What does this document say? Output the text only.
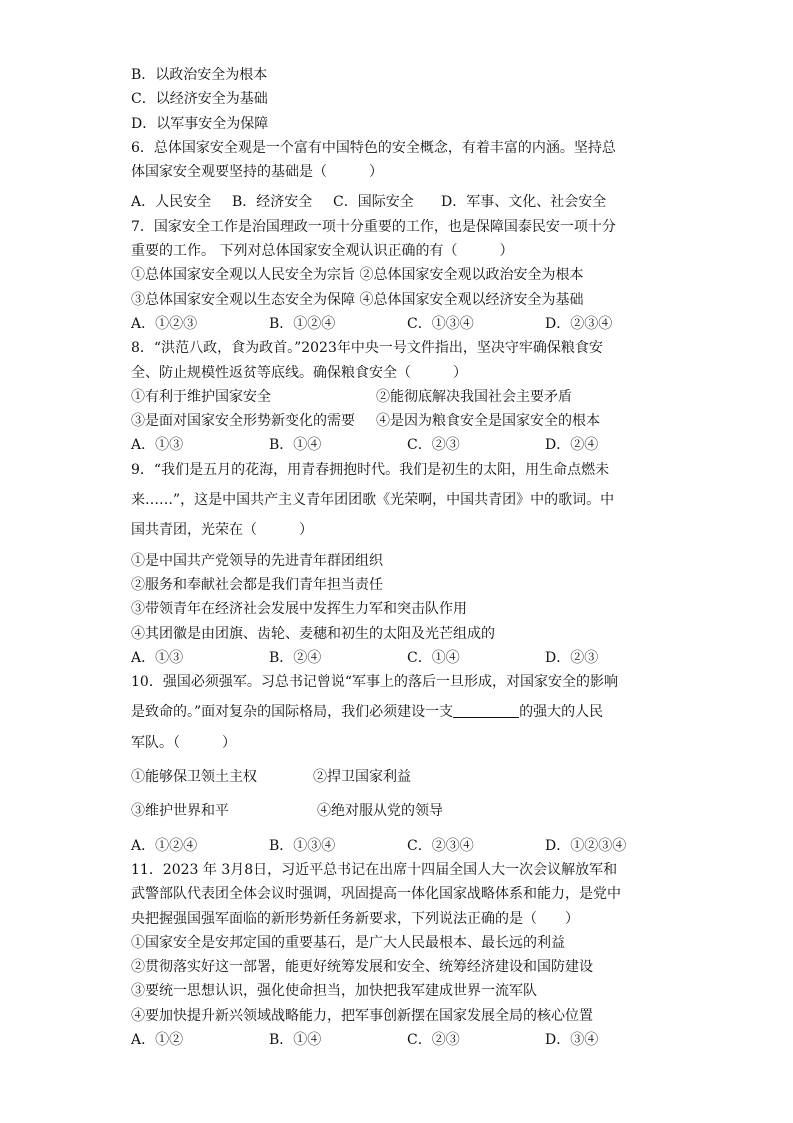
B．以政治安全为根本
C．以经济安全为基础
D．以军事安全为保障
6．总体国家安全观是一个富有中国特色的安全概念，有着丰富的内涵。坚持总
体国家安全观要坚持的基础是（　　　）
A．人民安全	B．经济安全	C．国际安全	D．军事、文化、社会安全
7．国家安全工作是治国理政一项十分重要的工作，也是保障国泰民安一项十分
重要的工作。 下列对总体国家安全观认识正确的有（　　　）
①总体国家安全观以人民安全为宗旨 ②总体国家安全观以政治安全为根本
③总体国家安全观以生态安全为保障 ④总体国家安全观以经济安全为基础
A．①②③	B．①②④	C．①③④	D．②③④
8．“洪范八政，食为政首。”2023年中央一号文件指出，坚决守牢确保粮食安
全、防止规模性返贫等底线。确保粮食安全（　　　）
①有利于维护国家安全	②能彻底解决我国社会主要矛盾
③是面对国家安全形势新变化的需要	④是因为粮食安全是国家安全的根本
A．①③	B．①④	C．②③	D．②④
9．“我们是五月的花海，用青春拥抱时代。我们是初生的太阳，用生命点燃未
来……”，这是中国共产主义青年团团歌《光荣啊，中国共青团》中的歌词。中
国共青团，光荣在（　　　）
①是中国共产党领导的先进青年群团组织
②服务和奉献社会都是我们青年担当责任
③带领青年在经济社会发展中发挥生力军和突击队作用
④其团徽是由团旗、齿轮、麦穗和初生的太阳及光芒组成的
A．①③	B．②④	C．①④	D．②③
10．强国必须强军。习总书记曾说“军事上的落后一旦形成，对国家安全的影响
是致命的。”面对复杂的国际格局，我们必须建设一支	的强大的人民
军队。（　　　）
①能够保卫领土主权	②捍卫国家利益
③维护世界和平	④绝对服从党的领导
A．①②④	B．①③④	C．②③④	D．①②③④
11．2023 年 3月8日，习近平总书记在出席十四届全国人大一次会议解放军和
武警部队代表团全体会议时强调，巩固提高一体化国家战略体系和能力，是党中
央把握强国强军面临的新形势新任务新要求，下列说法正确的是（　　）
①国家安全是安邦定国的重要基石，是广大人民最根本、最长远的利益
②贯彻落实好这一部署，能更好统筹发展和安全、统筹经济建设和国防建设
③要统一思想认识，强化使命担当，加快把我军建成世界一流军队
④要加快提升新兴领域战略能力，把军事创新摆在国家发展全局的核心位置
A．①②	B．①④	C．②③	D．③④
